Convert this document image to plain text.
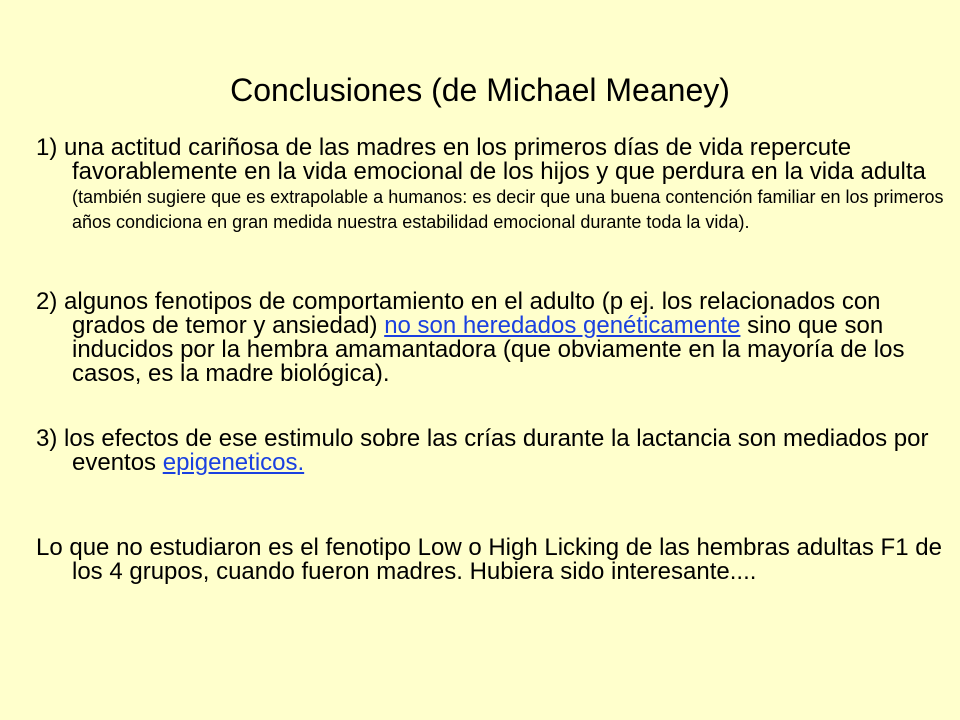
Conclusiones (de Michael Meaney)
1) una actitud cariñosa de las madres en los primeros días de vida repercute favorablemente en la vida emocional de los hijos y que perdura en la vida adulta (también sugiere que es extrapolable a humanos: es decir que una buena contención familiar en los primeros años condiciona en gran medida nuestra estabilidad emocional durante toda la vida).
2) algunos fenotipos de comportamiento en el adulto (p ej. los relacionados con grados de temor y ansiedad) no son heredados genéticamente sino que son inducidos por la hembra amamantadora (que obviamente en la mayoría de los casos, es la madre biológica).
3) los efectos de ese estimulo sobre las crías durante la lactancia son mediados por eventos epigeneticos.
Lo que no estudiaron es el fenotipo Low o High Licking de las hembras adultas F1 de los 4 grupos, cuando fueron madres. Hubiera sido interesante....
